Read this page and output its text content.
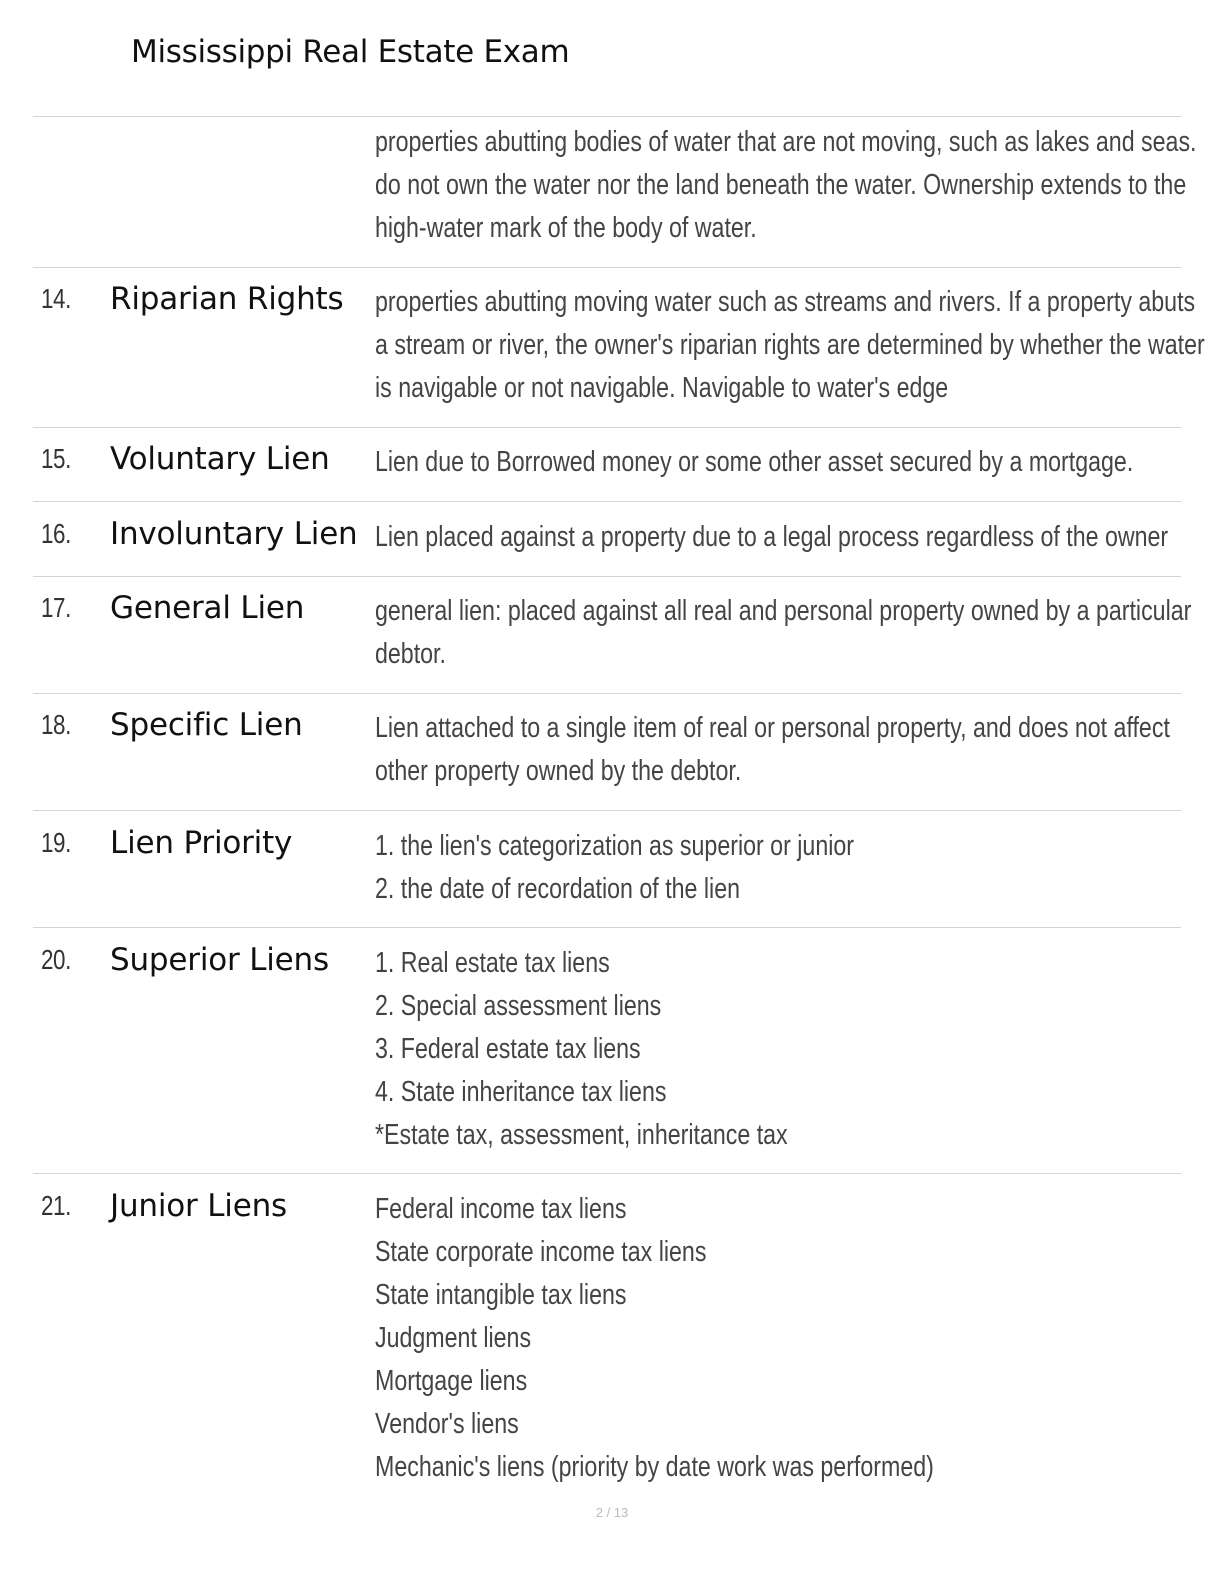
Mississippi Real Estate Exam
properties abutting bodies of water that are not moving, such as lakes and seas.
do not own the water nor the land beneath the water. Ownership extends to the
high-water mark of the body of water.
14. Riparian Rights properties abutting moving water such as streams and rivers. If a property abuts
a stream or river, the owner's riparian rights are determined by whether the water
is navigable or not navigable. Navigable to water's edge
15. Voluntary Lien Lien due to Borrowed money or some other asset secured by a mortgage.
16. Involuntary Lien Lien placed against a property due to a legal process regardless of the owner
17. General Lien general lien: placed against all real and personal property owned by a particular
debtor.
18. Specific Lien Lien attached to a single item of real or personal property, and does not affect
other property owned by the debtor.
19. Lien Priority	1. the lien's categorization as superior or junior
2. the date of recordation of the lien
20. Superior Liens 1. Real estate tax liens
2. Special assessment liens
3. Federal estate tax liens
4. State inheritance tax liens
*Estate tax, assessment, inheritance tax
21. Junior Liens	Federal income tax liens
State corporate income tax liens
State intangible tax liens
Judgment liens
Mortgage liens
Vendor's liens
Mechanic's liens (priority by date work was performed)
2 / 13
